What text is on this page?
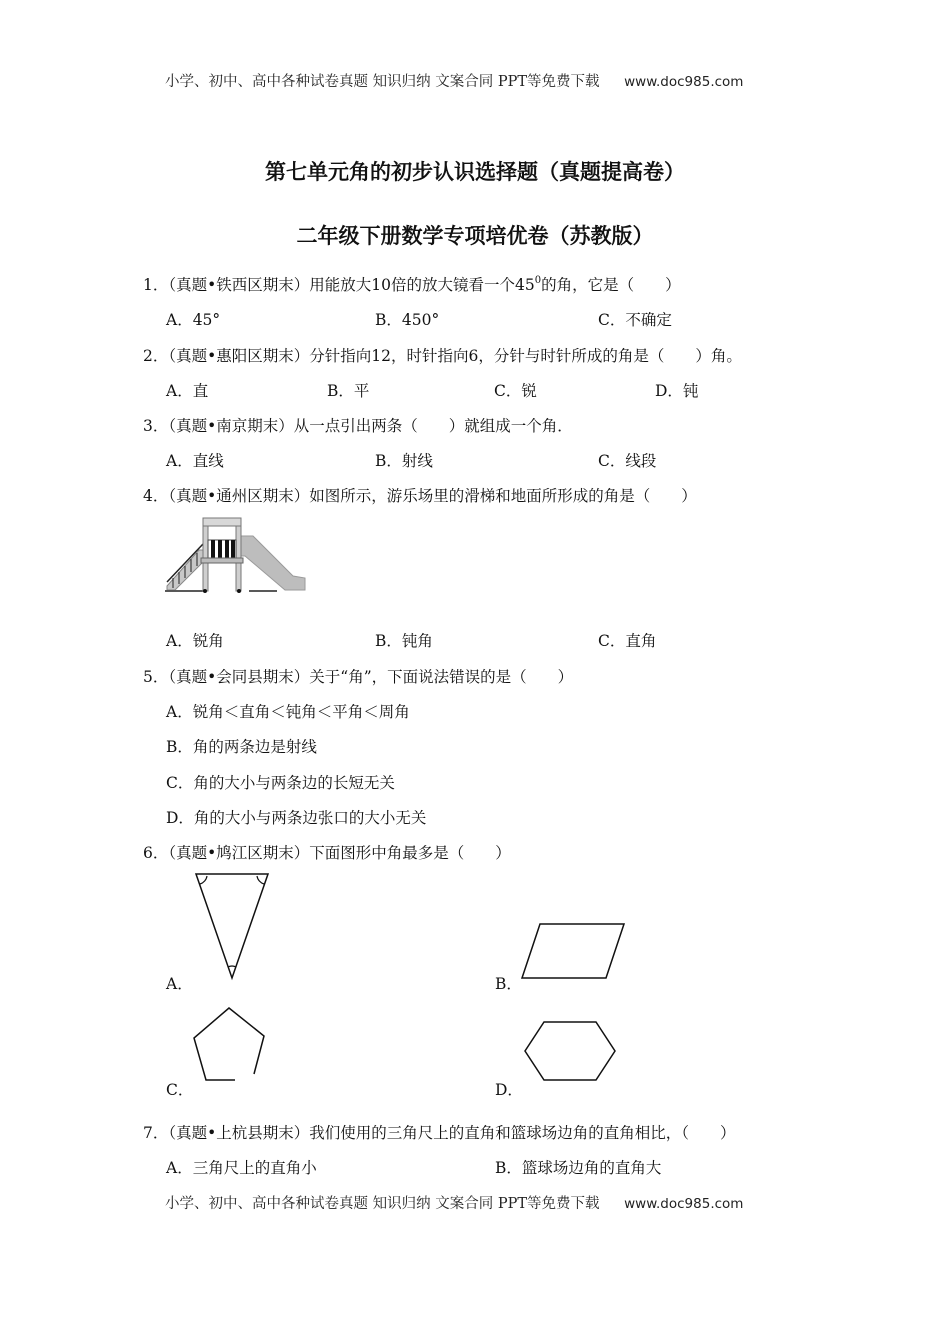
小学、初中、高中各种试卷真题 知识归纳 文案合同 PPT等免费下载 www.doc985.com
第七单元角的初步认识选择题（真题提高卷）
二年级下册数学专项培优卷（苏教版）
1．（真题•铁西区期末）用能放大10倍的放大镜看一个$45^0$的角，它是（　　）
A．45°	B．450°	C．不确定
2．（真题•惠阳区期末）分针指向12，时针指向6，分针与时针所成的角是（　　）角。
A．直	B．平	C．锐	D．钝
3．（真题•南京期末）从一点引出两条（　　）就组成一个角．
A．直线	B．射线	C．线段
4．（真题•通州区期末）如图所示，游乐场里的滑梯和地面所形成的角是（　　）
A．锐角	B．钝角	C．直角
5．（真题•会同县期末）关于“角”，下面说法错误的是（　　）
A．锐角＜直角＜钝角＜平角＜周角
B．角的两条边是射线
C．角的大小与两条边的长短无关
D．角的大小与两条边张口的大小无关
6．（真题•鸠江区期末）下面图形中角最多是（　　）
A．	B．
C．	D．
7．（真题•上杭县期末）我们使用的三角尺上的直角和篮球场边角的直角相比，（　　）
A．三角尺上的直角小	B．篮球场边角的直角大
小学、初中、高中各种试卷真题 知识归纳 文案合同 PPT等免费下载 www.doc985.com
